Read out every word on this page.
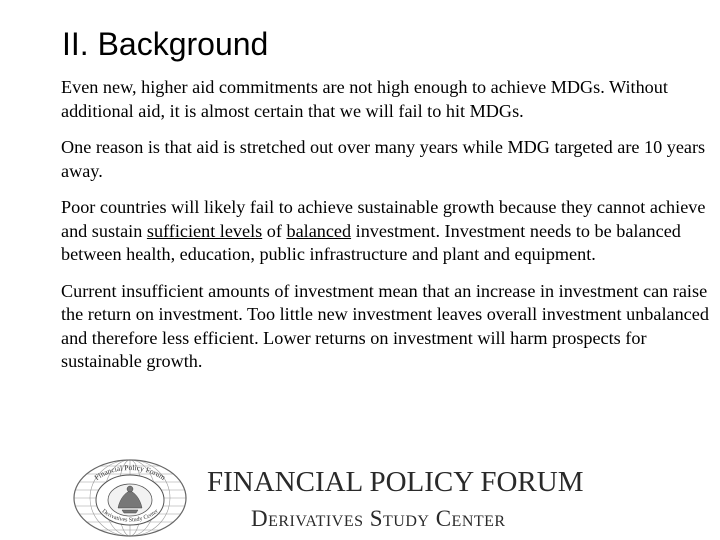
II. Background

Even new, higher aid commitments are not high enough to achieve MDGs. Without additional aid, it is almost certain that we will fail to hit MDGs.

One reason is that aid is stretched out over many years while MDG targeted are 10 years away.

Poor countries will likely fail to achieve sustainable growth because they cannot achieve and sustain sufficient levels of balanced investment. Investment needs to be balanced between health, education, public infrastructure and plant and equipment.

Current insufficient amounts of investment mean that an increase in investment can raise the return on investment. Too little new investment leaves overall investment unbalanced and therefore less efficient. Lower returns on investment will harm prospects for sustainable growth.

Financial Policy Forum
Derivatives Study Center
FINANCIAL POLICY FORUM
Derivatives Study Center
